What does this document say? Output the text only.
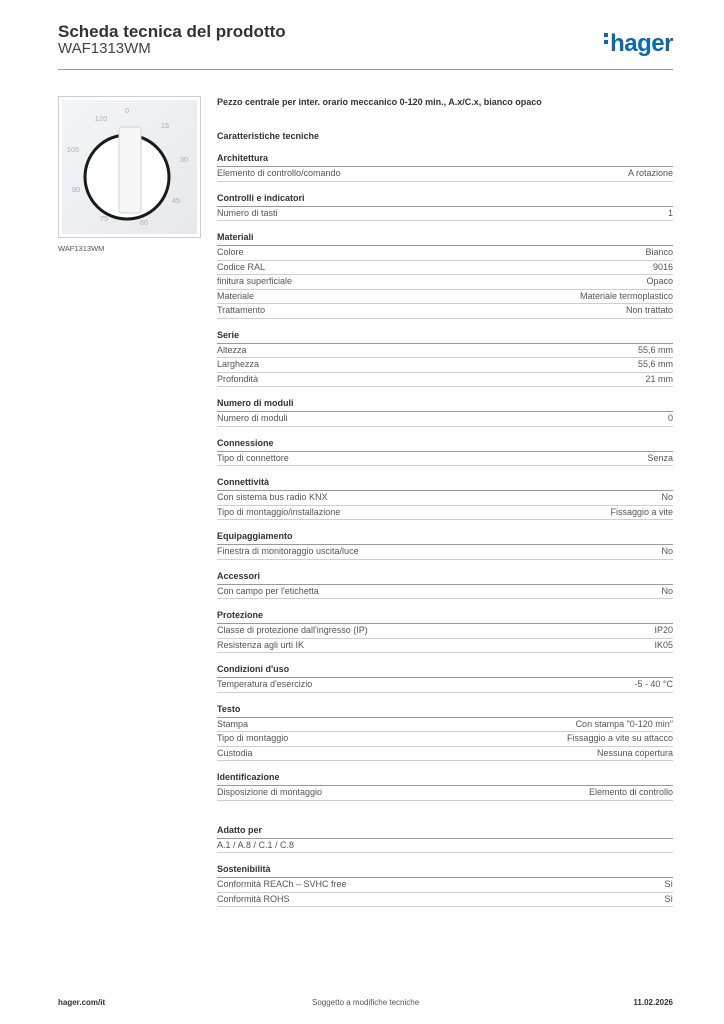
Scheda tecnica del prodotto
WAF1313WM	hager
0
15
30
45
60
75
90
105
120
WAF1313WM
Pezzo centrale per inter. orario meccanico 0-120 min., A.x/C.x, bianco opaco
Caratteristiche tecniche
Architettura
Elemento di controllo/comando	A rotazione
Controlli e indicatori
Numero di tasti	1
Materiali
Colore	Bianco
Codice RAL	9016
finitura superficiale	Opaco
Materiale	Materiale termoplastico
Trattamento	Non trattato
Serie
Altezza	55,6 mm
Larghezza	55,6 mm
Profondità	21 mm
Numero di moduli
Numero di moduli	0
Connessione
Tipo di connettore	Senza
Connettività
Con sistema bus radio KNX	No
Tipo di montaggio/installazione	Fissaggio a vite
Equipaggiamento
Finestra di monitoraggio uscita/luce	No
Accessori
Con campo per l'etichetta	No
Protezione
Classe di protezione dall'ingresso (IP)	IP20
Resistenza agli urti IK	IK05
Condizioni d'uso
Temperatura d'esercizio	-5 - 40 °C
Testo
Stampa	Con stampa "0-120 min"
Tipo di montaggio	Fissaggio a vite su attacco
Custodia	Nessuna copertura
Identificazione
Disposizione di montaggio	Elemento di controllo
Adatto per
A.1 / A.8 / C.1 / C.8
Sostenibilità
Conformità REACh – SVHC free	Sì
Conformità ROHS	Sì
hager.com/it	Soggetto a modifiche tecniche	11.02.2026
